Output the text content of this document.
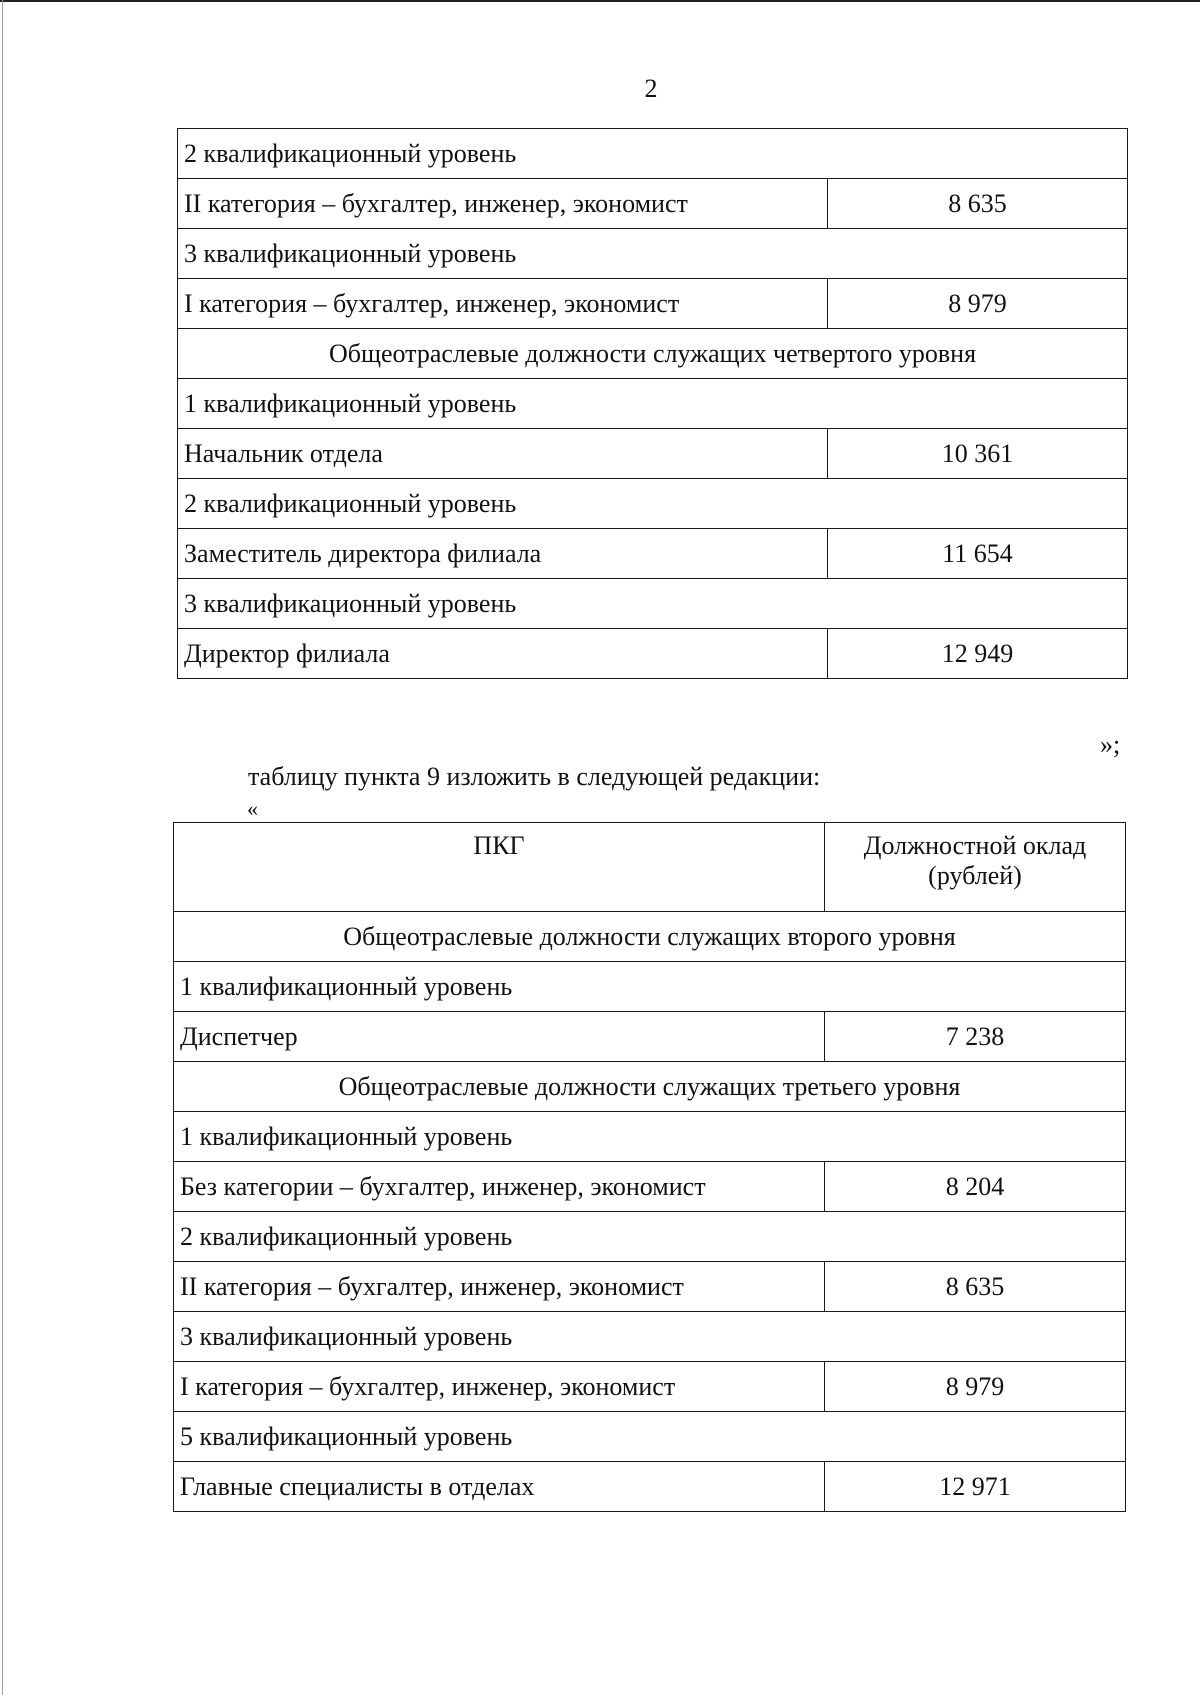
2
2 квалификационный уровень	
II категория – бухгалтер, инженер, экономист	8 635
3 квалификационный уровень	
I категория – бухгалтер, инженер, экономист	8 979
Общеотраслевые должности служащих четвертого уровня	
1 квалификационный уровень	
Начальник отдела	10 361
2 квалификационный уровень	
Заместитель директора филиала	11 654
3 квалификационный уровень	
Директор филиала	12 949
»;
таблицу пункта 9 изложить в следующей редакции:
«
ПКГ	Должностной оклад (рублей)
Общеотраслевые должности служащих второго уровня	
1 квалификационный уровень	
Диспетчер	7 238
Общеотраслевые должности служащих третьего уровня	
1 квалификационный уровень	
Без категории – бухгалтер, инженер, экономист	8 204
2 квалификационный уровень	
II категория – бухгалтер, инженер, экономист	8 635
3 квалификационный уровень	
I категория – бухгалтер, инженер, экономист	8 979
5 квалификационный уровень	
Главные специалисты в отделах	12 971
